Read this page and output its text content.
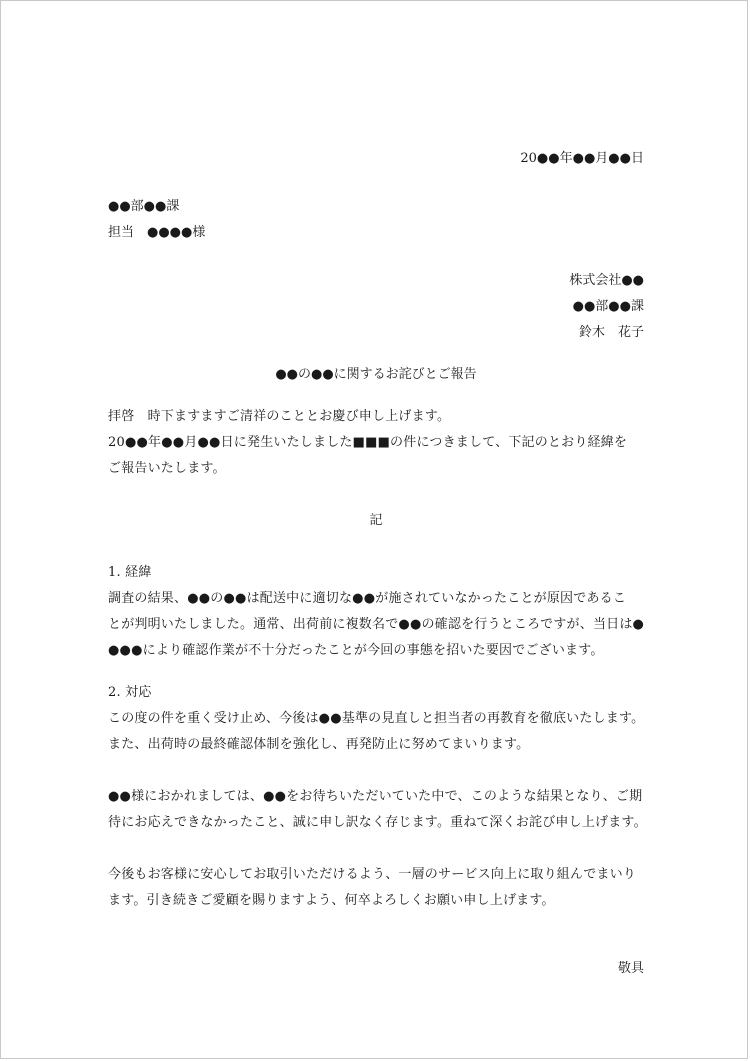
20●●年●●月●●日
●●部●●課
担当　●●●●様
株式会社●●
●●部●●課
鈴木　花子
●●の●●に関するお詫びとご報告
拝啓　時下ますますご清祥のこととお慶び申し上げます。
20●●年●●月●●日に発生いたしました■■■の件につきまして、下記のとおり経緯を
ご報告いたします。
記
1. 経緯
調査の結果、●●の●●は配送中に適切な●●が施されていなかったことが原因であるこ
とが判明いたしました。通常、出荷前に複数名で●●の確認を行うところですが、当日は●
●●●により確認作業が不十分だったことが今回の事態を招いた要因でございます。
2. 対応
この度の件を重く受け止め、今後は●●基準の見直しと担当者の再教育を徹底いたします。
また、出荷時の最終確認体制を強化し、再発防止に努めてまいります。
●●様におかれましては、●●をお待ちいただいていた中で、このような結果となり、ご期
待にお応えできなかったこと、誠に申し訳なく存じます。重ねて深くお詫び申し上げます。
今後もお客様に安心してお取引いただけるよう、一層のサービス向上に取り組んでまいり
ます。引き続きご愛顧を賜りますよう、何卒よろしくお願い申し上げます。
敬具
